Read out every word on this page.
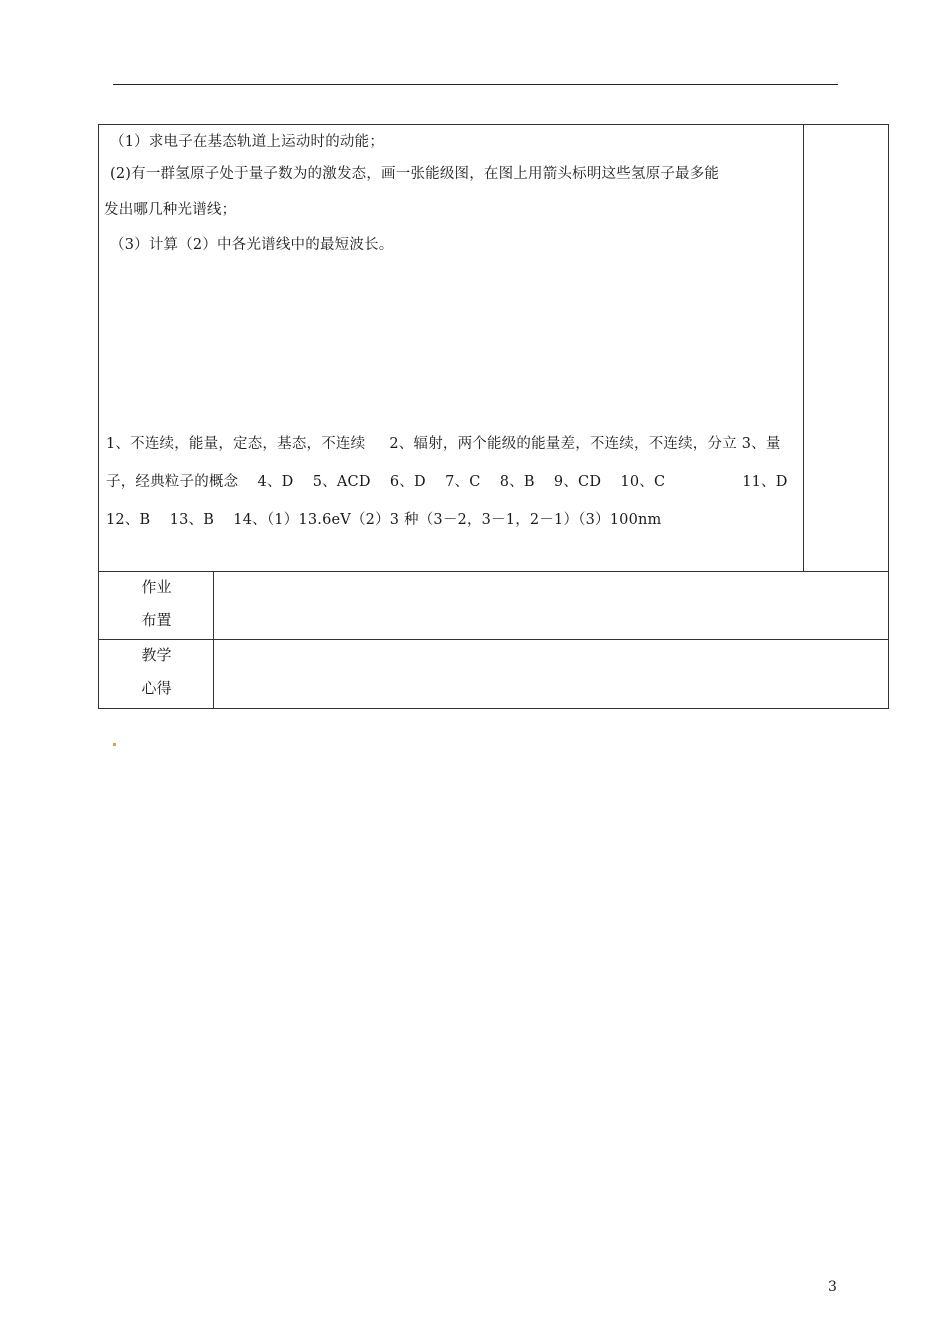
（1）求电子在基态轨道上运动时的动能；
(2)有一群氢原子处于量子数为的激发态，画一张能级图，在图上用箭头标明这些氢原子最多能
发出哪几种光谱线；
（3）计算（2）中各光谱线中的最短波长。
1、不连续，能量，定态，基态，不连续     2、辐射，两个能级的能量差，不连续，不连续，分立 3、量
子，经典粒子的概念    4、D    5、ACD    6、D    7、C    8、B    9、CD    10、C                11、D
12、B    13、B    14、（1）13.6eV（2）3 种（3－2，3－1，2－1）（3）100nm
作业
布置
教学
心得
3
